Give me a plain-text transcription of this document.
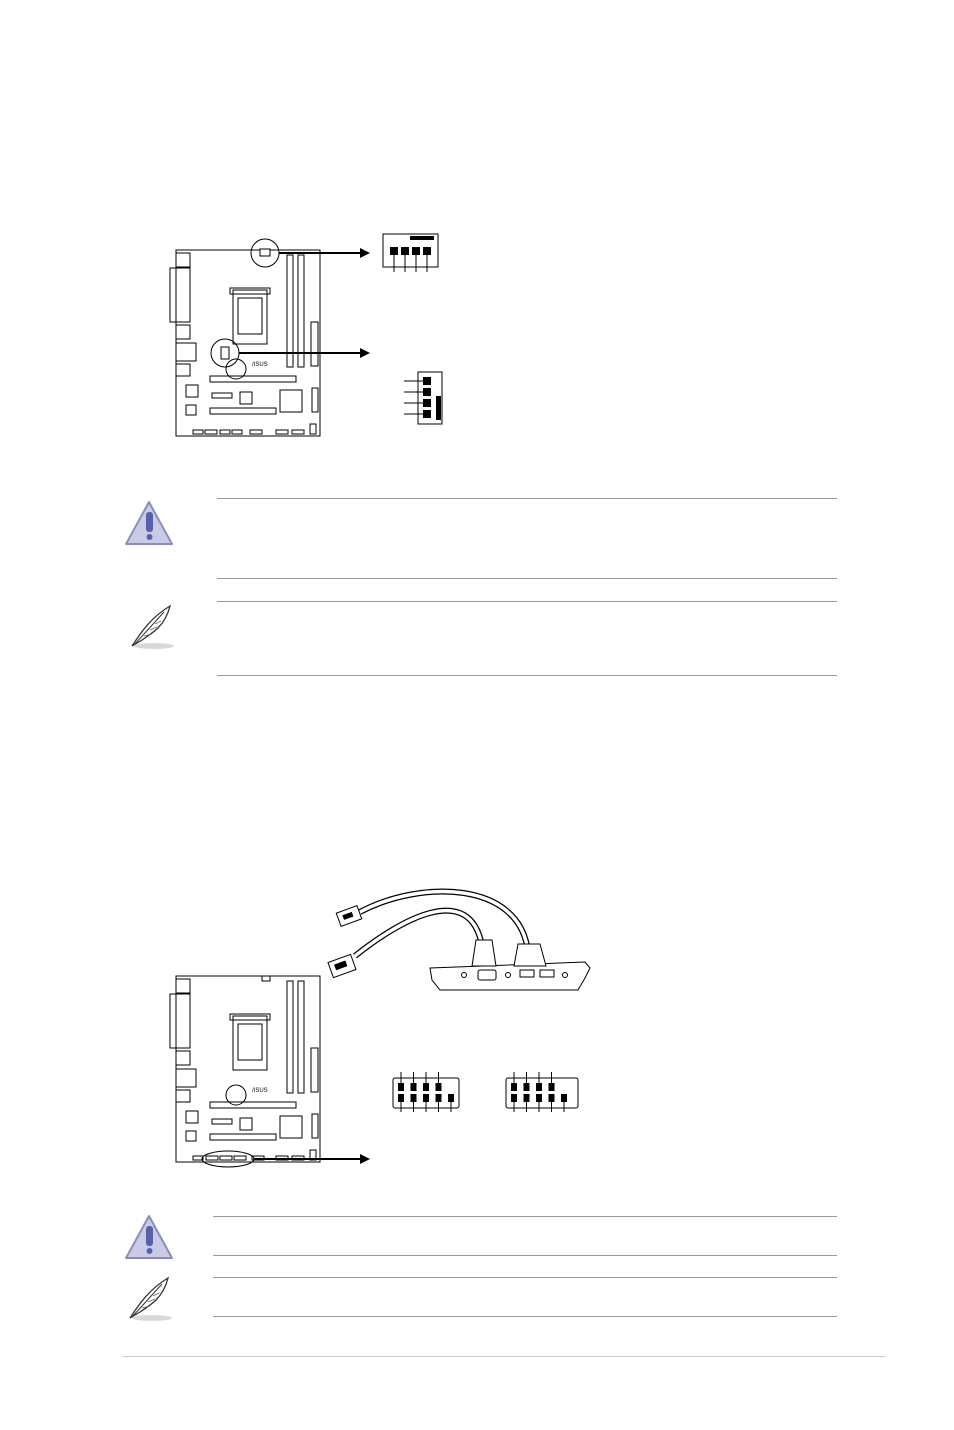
/ISUS
/ISUS
